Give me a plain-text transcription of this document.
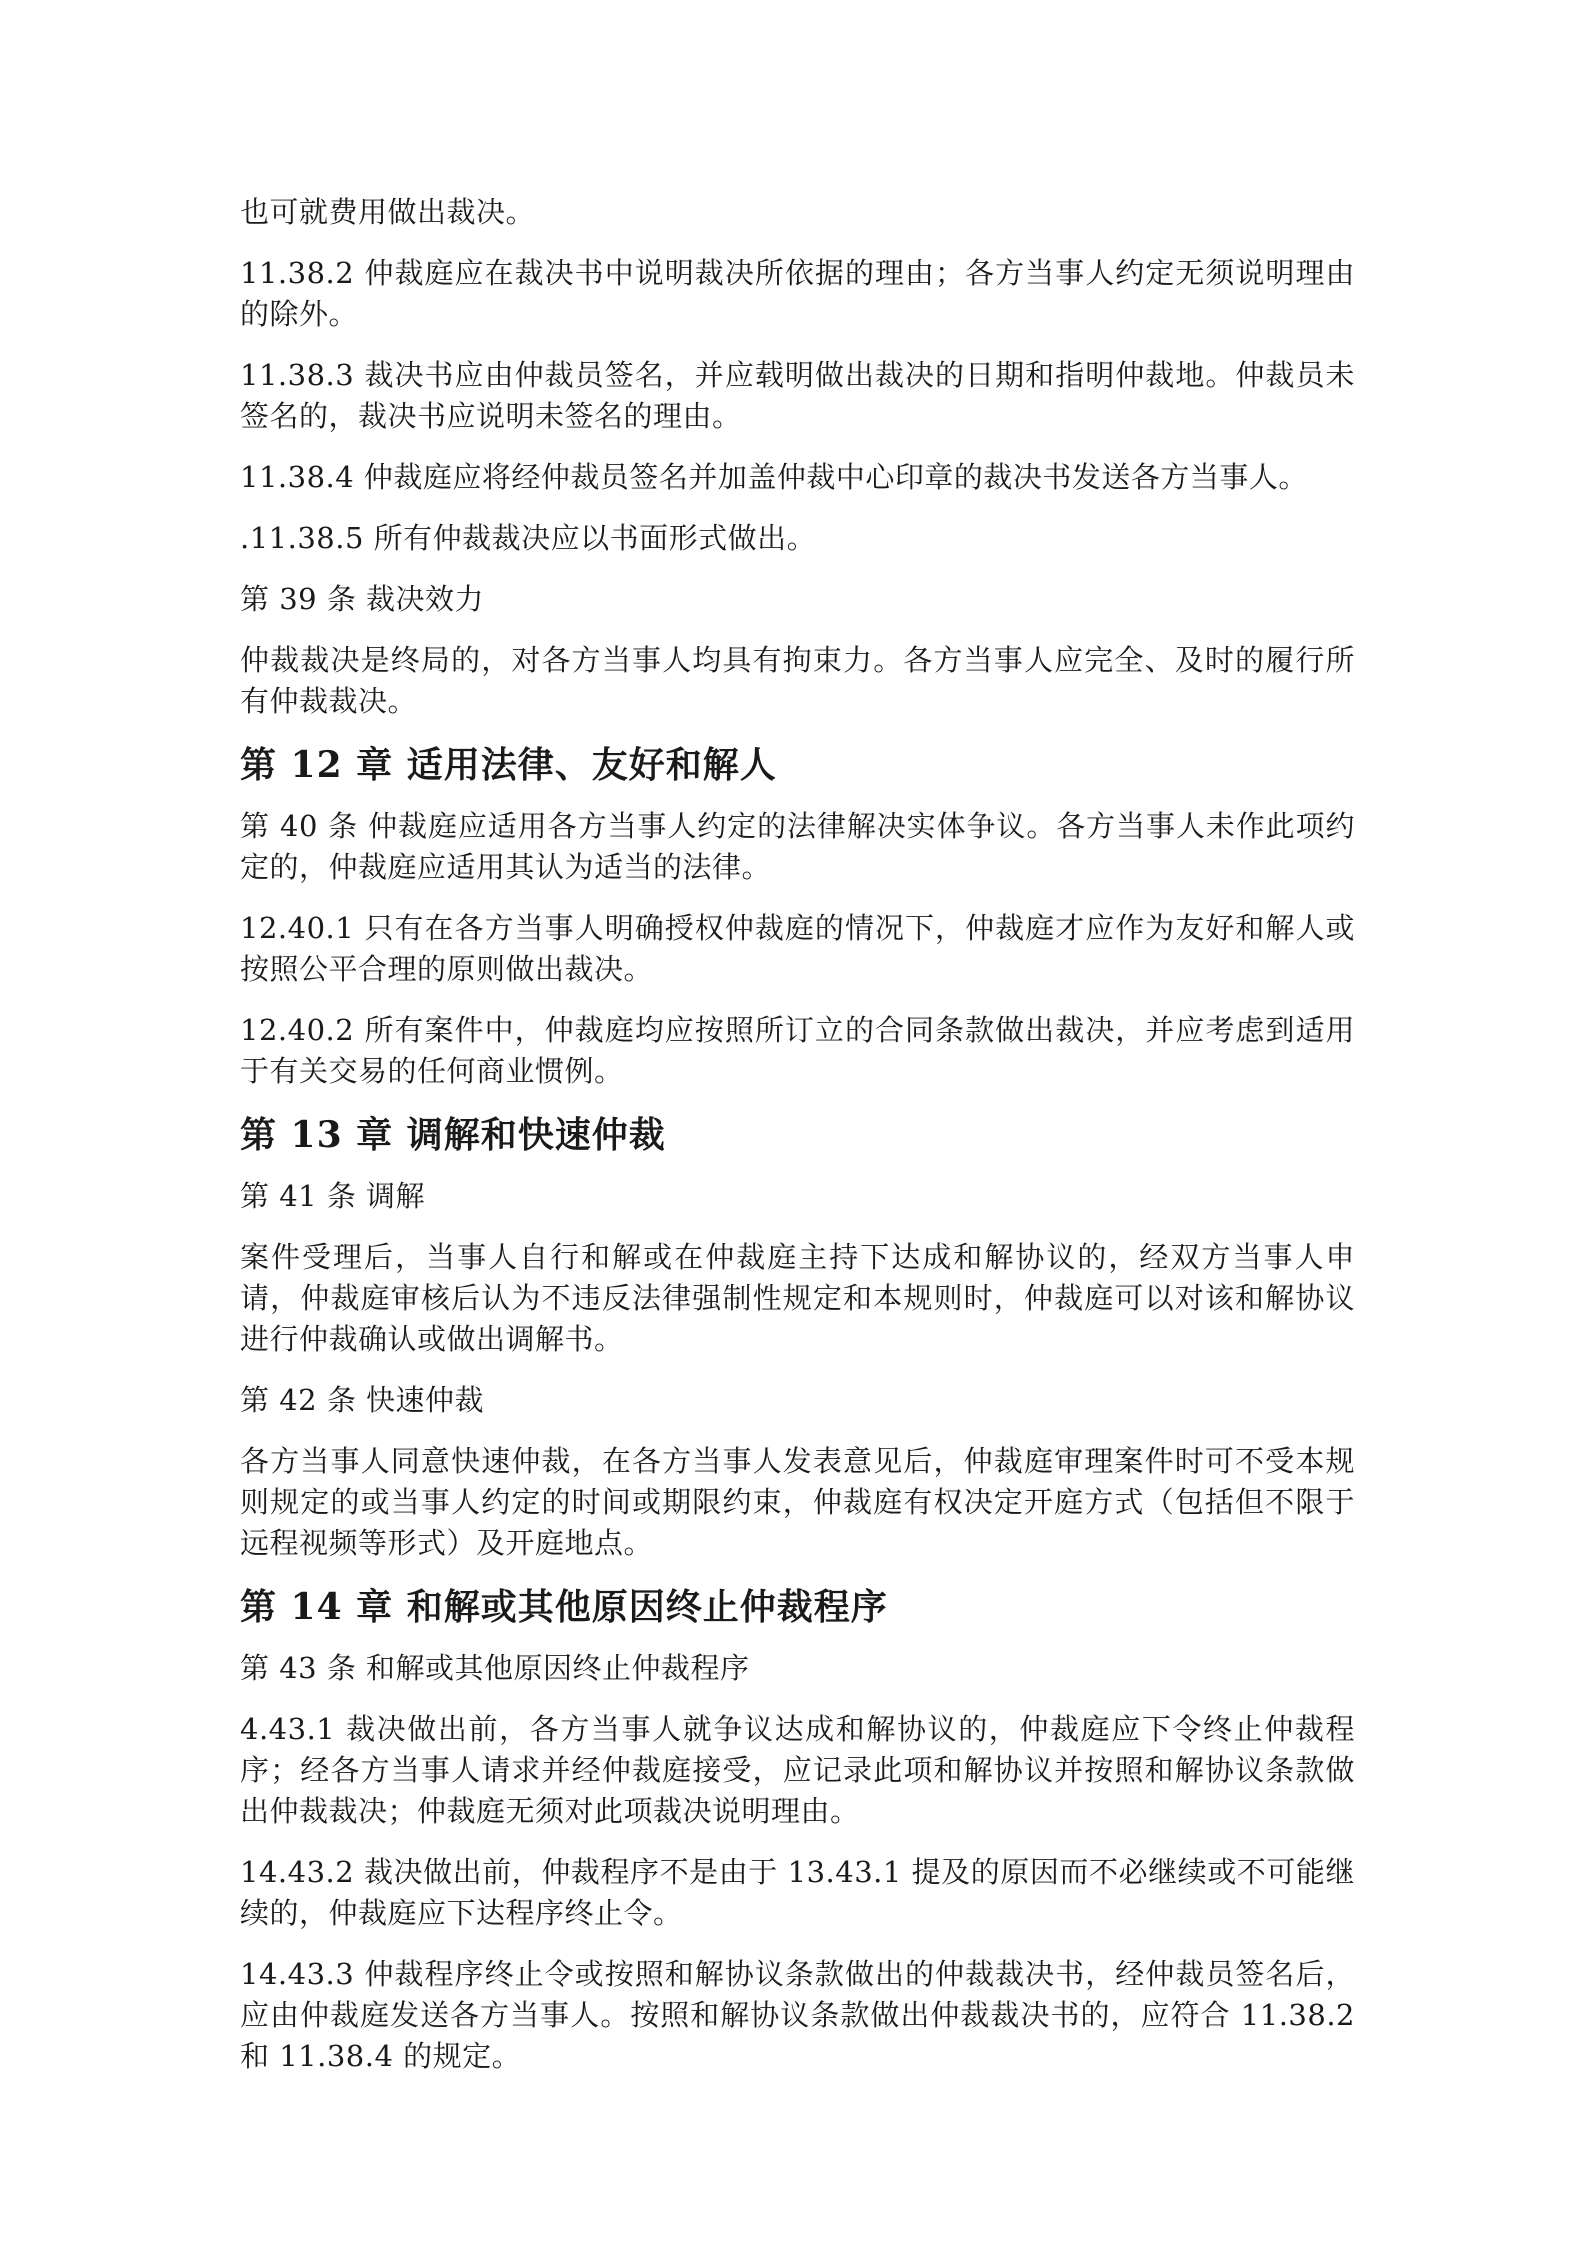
也可就费用做出裁决。

11.38.2 仲裁庭应在裁决书中说明裁决所依据的理由；各方当事人约定无须说明理由的除外。

11.38.3 裁决书应由仲裁员签名，并应载明做出裁决的日期和指明仲裁地。仲裁员未签名的，裁决书应说明未签名的理由。

11.38.4 仲裁庭应将经仲裁员签名并加盖仲裁中心印章的裁决书发送各方当事人。

.11.38.5 所有仲裁裁决应以书面形式做出。

第 39 条 裁决效力

仲裁裁决是终局的，对各方当事人均具有拘束力。各方当事人应完全、及时的履行所有仲裁裁决。

第 12 章 适用法律、友好和解人

第 40 条 仲裁庭应适用各方当事人约定的法律解决实体争议。各方当事人未作此项约定的，仲裁庭应适用其认为适当的法律。

12.40.1 只有在各方当事人明确授权仲裁庭的情况下，仲裁庭才应作为友好和解人或按照公平合理的原则做出裁决。

12.40.2 所有案件中，仲裁庭均应按照所订立的合同条款做出裁决，并应考虑到适用于有关交易的任何商业惯例。

第 13 章 调解和快速仲裁

第 41 条 调解

案件受理后，当事人自行和解或在仲裁庭主持下达成和解协议的，经双方当事人申请，仲裁庭审核后认为不违反法律强制性规定和本规则时，仲裁庭可以对该和解协议进行仲裁确认或做出调解书。

第 42 条 快速仲裁

各方当事人同意快速仲裁，在各方当事人发表意见后，仲裁庭审理案件时可不受本规则规定的或当事人约定的时间或期限约束，仲裁庭有权决定开庭方式（包括但不限于远程视频等形式）及开庭地点。

第 14 章 和解或其他原因终止仲裁程序

第 43 条 和解或其他原因终止仲裁程序

4.43.1 裁决做出前，各方当事人就争议达成和解协议的，仲裁庭应下令终止仲裁程序；经各方当事人请求并经仲裁庭接受，应记录此项和解协议并按照和解协议条款做出仲裁裁决；仲裁庭无须对此项裁决说明理由。

14.43.2 裁决做出前，仲裁程序不是由于 13.43.1 提及的原因而不必继续或不可能继续的，仲裁庭应下达程序终止令。

14.43.3 仲裁程序终止令或按照和解协议条款做出的仲裁裁决书，经仲裁员签名后，应由仲裁庭发送各方当事人。按照和解协议条款做出仲裁裁决书的，应符合 11.38.2 和 11.38.4 的规定。
